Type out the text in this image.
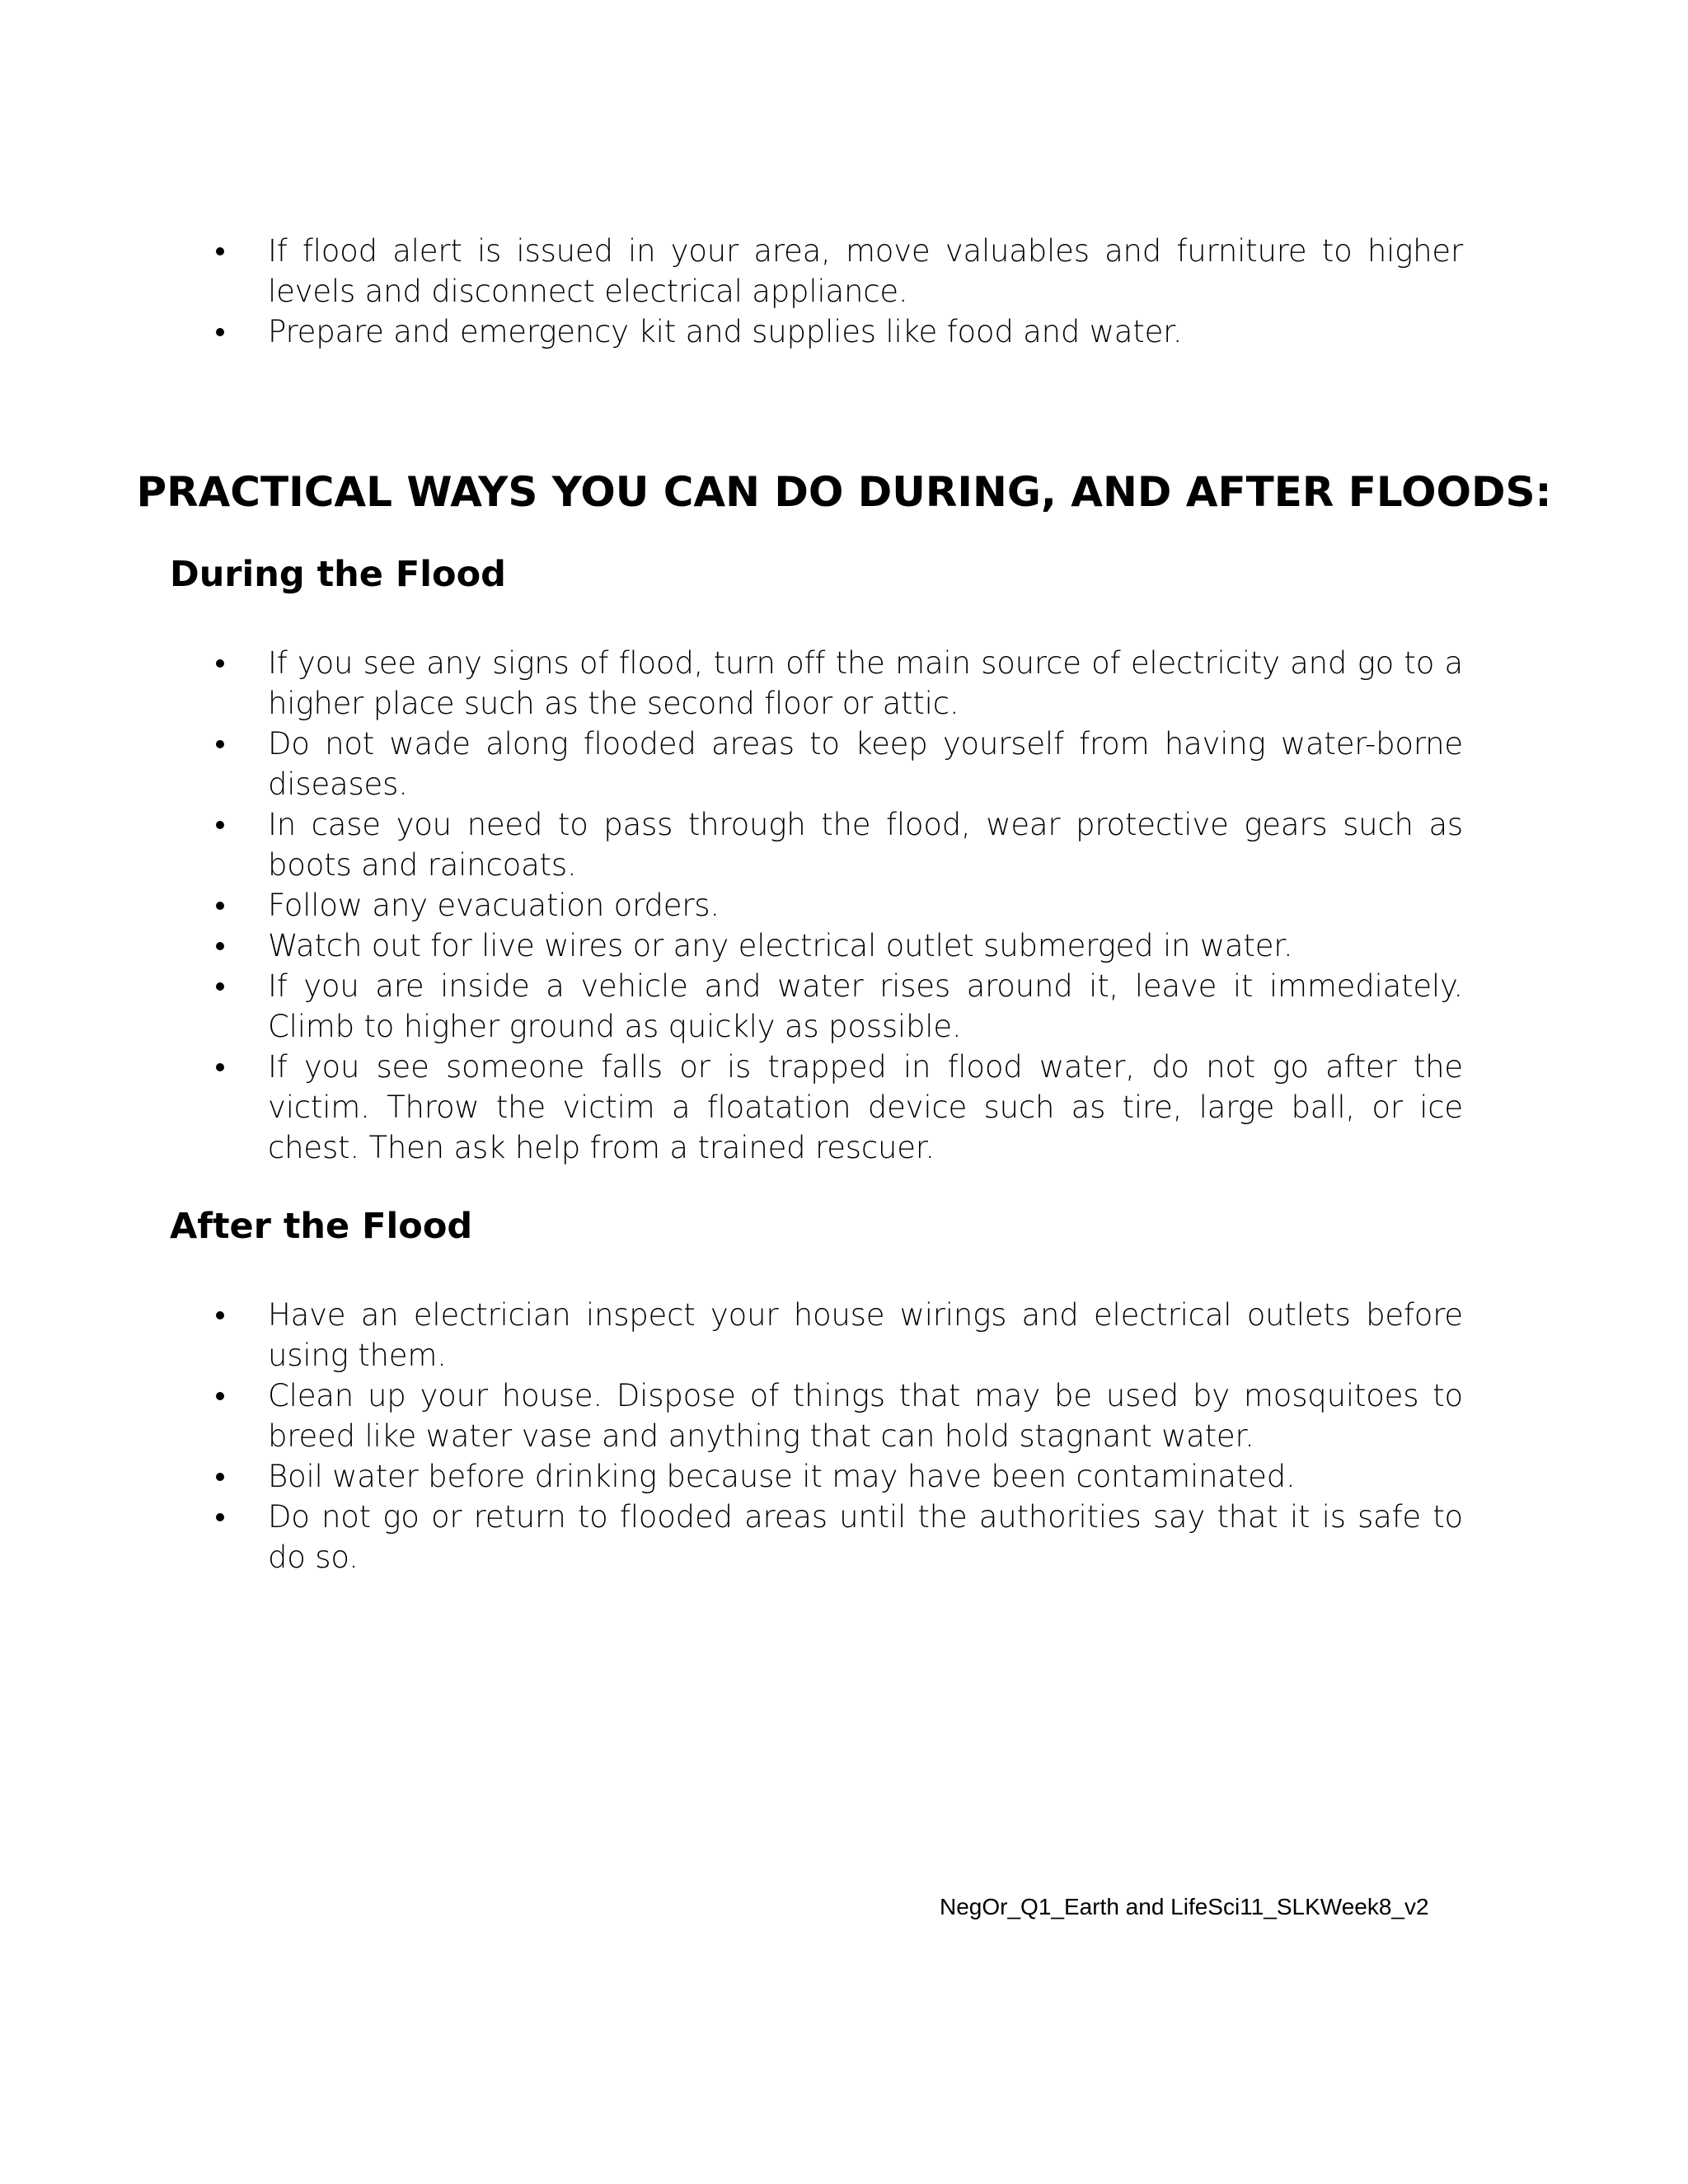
If flood alert is issued in your area, move valuables and furniture to higher levels and disconnect electrical appliance.
Prepare and emergency kit and supplies like food and water.
PRACTICAL WAYS YOU CAN DO DURING, AND AFTER FLOODS:
During the Flood
If you see any signs of flood, turn off the main source of electricity and go to a higher place such as the second floor or attic.
Do not wade along flooded areas to keep yourself from having water-borne diseases.
In case you need to pass through the flood, wear protective gears such as boots and raincoats.
Follow any evacuation orders.
Watch out for live wires or any electrical outlet submerged in water.
If you are inside a vehicle and water rises around it, leave it immediately. Climb to higher ground as quickly as possible.
If you see someone falls or is trapped in flood water, do not go after the victim. Throw the victim a floatation device such as tire, large ball, or ice chest. Then ask help from a trained rescuer.
After the Flood
Have an electrician inspect your house wirings and electrical outlets before using them.
Clean up your house. Dispose of things that may be used by mosquitoes to breed like water vase and anything that can hold stagnant water.
Boil water before drinking because it may have been contaminated.
Do not go or return to flooded areas until the authorities say that it is safe to do so.
NegOr_Q1_Earth and LifeSci11_SLKWeek8_v2
